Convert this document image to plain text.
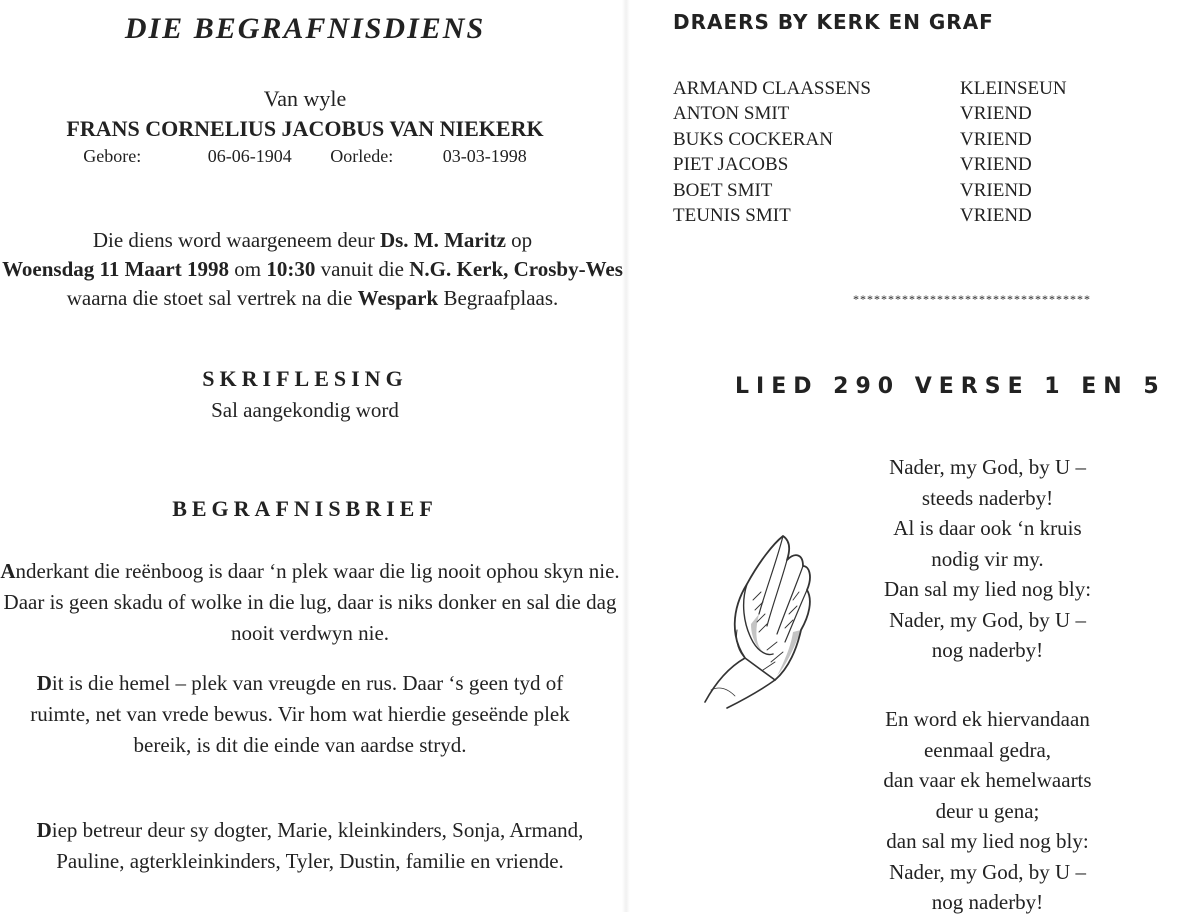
DIE BEGRAFNISDIENS
Van wyle
FRANS CORNELIUS JACOBUS VAN NIEKERK
Gebore:	06-06-1904 Oorlede:	03-03-1998
Die diens word waargeneem deur Ds. M. Maritz op
Woensdag 11 Maart 1998 om 10:30 vanuit die N.G. Kerk, Crosby-Wes waarna die stoet sal vertrek na die Wespark Begraafplaas.
SKRIFLESING
Sal aangekondig word
BEGRAFNISBRIEF
Anderkant die reënboog is daar ‘n plek waar die lig nooit ophou skyn nie. Daar is geen skadu of wolke in die lug, daar is niks donker en sal die dag nooit verdwyn nie.
Dit is die hemel – plek van vreugde en rus. Daar ‘s geen tyd of ruimte, net van vrede bewus. Vir hom wat hierdie geseënde plek bereik, is dit die einde van aardse stryd.
Diep betreur deur sy dogter, Marie, kleinkinders, Sonja, Armand, Pauline, agterkleinkinders, Tyler, Dustin, familie en vriende.
DRAERS BY KERK EN GRAF
ARMAND CLAASSENS	KLEINSEUN
ANTON SMIT	VRIEND
BUKS COCKERAN	VRIEND
PIET JACOBS	VRIEND
BOET SMIT	VRIEND
TEUNIS SMIT	VRIEND
**********************************
LIED 290 VERSE 1 EN 5
Nader, my God, by U –
steeds naderby!
Al is daar ook ‘n kruis
nodig vir my.
Dan sal my lied nog bly:
Nader, my God, by U –
nog naderby!
En word ek hiervandaan
eenmaal gedra,
dan vaar ek hemelwaarts
deur u gena;
dan sal my lied nog bly:
Nader, my God, by U –
nog naderby!
